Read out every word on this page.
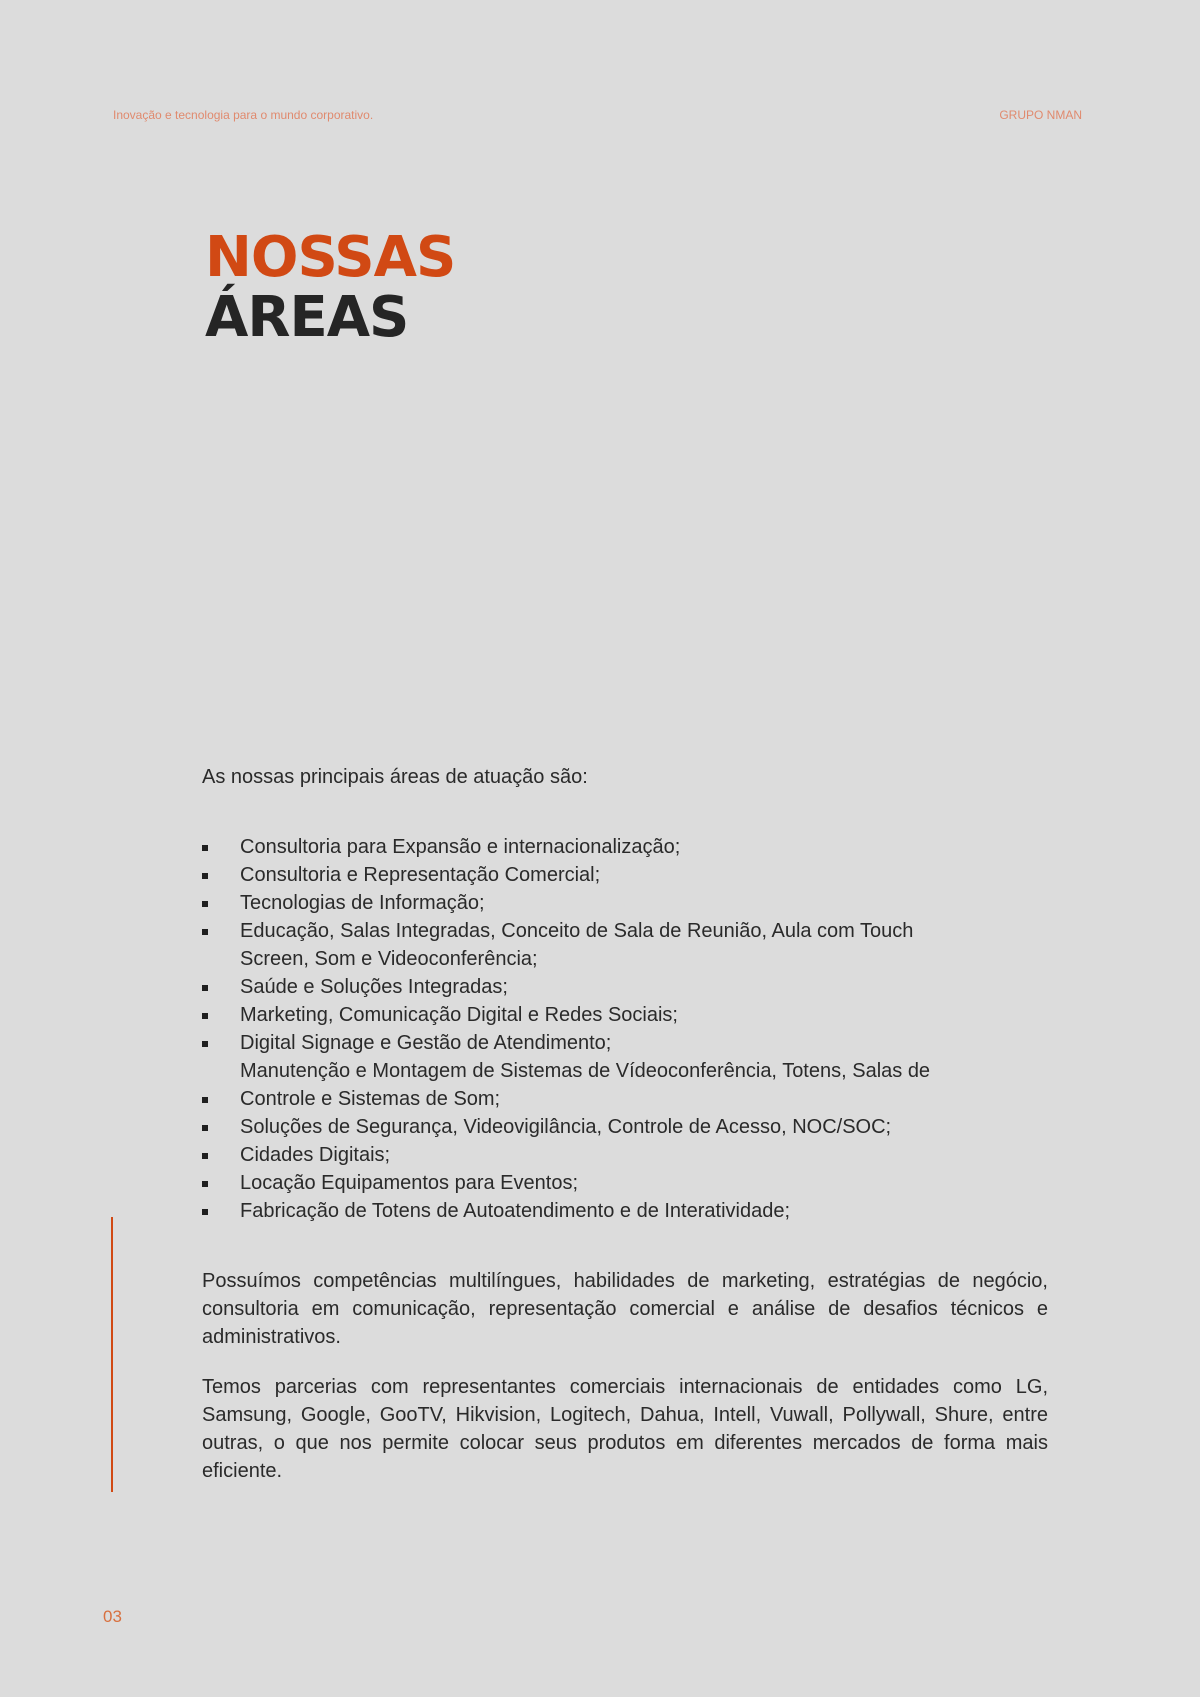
Inovação e tecnologia para o mundo corporativo.	GRUPO NMAN
NOSSAS
ÁREAS

As nossas principais áreas de atuação são:

Consultoria para Expansão e internacionalização;
Consultoria e Representação Comercial;
Tecnologias de Informação;
Educação, Salas Integradas, Conceito de Sala de Reunião, Aula com Touch Screen, Som e Videoconferência;
Saúde e Soluções Integradas;
Marketing, Comunicação Digital e Redes Sociais;
Digital Signage e Gestão de Atendimento;
Manutenção e Montagem de Sistemas de Vídeoconferência, Totens, Salas de Controle e Sistemas de Som;
Soluções de Segurança, Videovigilância, Controle de Acesso, NOC/SOC;
Cidades Digitais;
Locação Equipamentos para Eventos;
Fabricação de Totens de Autoatendimento e de Interatividade;

Possuímos competências multilíngues, habilidades de marketing, estratégias de negócio, consultoria em comunicação, representação comercial e análise de desafios técnicos e administrativos.

Temos parcerias com representantes comerciais internacionais de entidades como LG, Samsung, Google, GooTV, Hikvision, Logitech, Dahua, Intell, Vuwall, Pollywall, Shure, entre outras, o que nos permite colocar seus produtos em diferentes mercados de forma mais eficiente.

03
